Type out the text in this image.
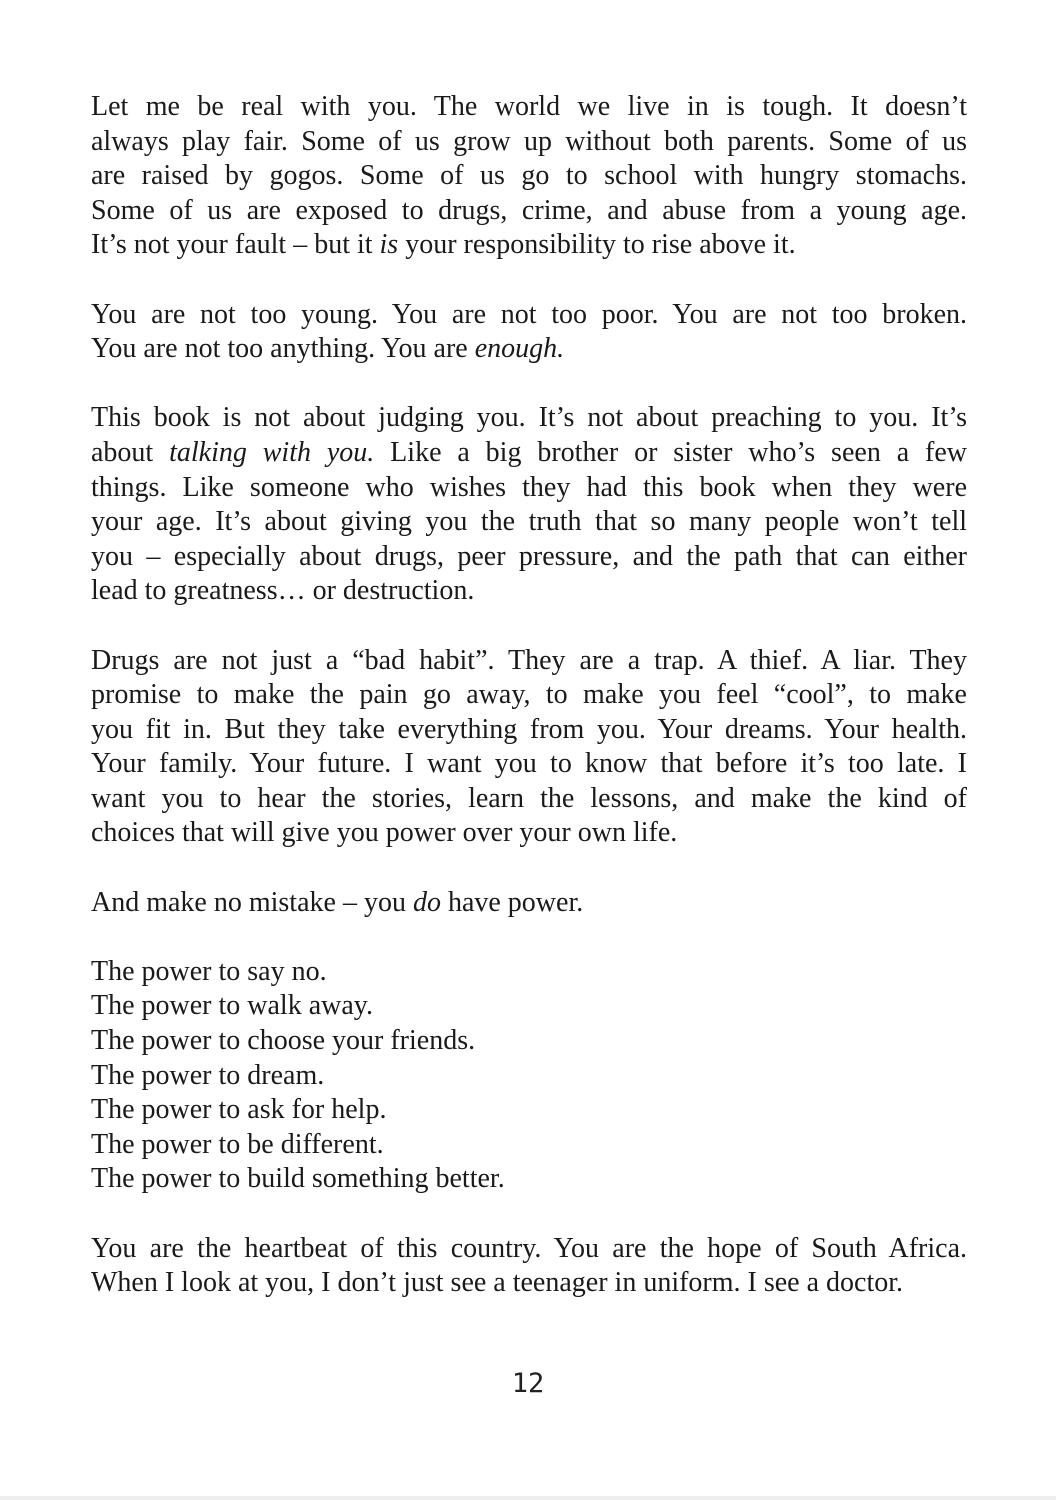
Let me be real with you. The world we live in is tough. It doesn’t
always play fair. Some of us grow up without both parents. Some of us
are raised by gogos. Some of us go to school with hungry stomachs.
Some of us are exposed to drugs, crime, and abuse from a young age.
It’s not your fault – but it is your responsibility to rise above it.

You are not too young. You are not too poor. You are not too broken.
You are not too anything. You are enough.

This book is not about judging you. It’s not about preaching to you. It’s
about talking with you. Like a big brother or sister who’s seen a few
things. Like someone who wishes they had this book when they were
your age. It’s about giving you the truth that so many people won’t tell
you – especially about drugs, peer pressure, and the path that can either
lead to greatness… or destruction.

Drugs are not just a “bad habit”. They are a trap. A thief. A liar. They
promise to make the pain go away, to make you feel “cool”, to make
you fit in. But they take everything from you. Your dreams. Your health.
Your family. Your future. I want you to know that before it’s too late. I
want you to hear the stories, learn the lessons, and make the kind of
choices that will give you power over your own life.

And make no mistake – you do have power.

The power to say no.
The power to walk away.
The power to choose your friends.
The power to dream.
The power to ask for help.
The power to be different.
The power to build something better.

You are the heartbeat of this country. You are the hope of South Africa.
When I look at you, I don’t just see a teenager in uniform. I see a doctor.

12
